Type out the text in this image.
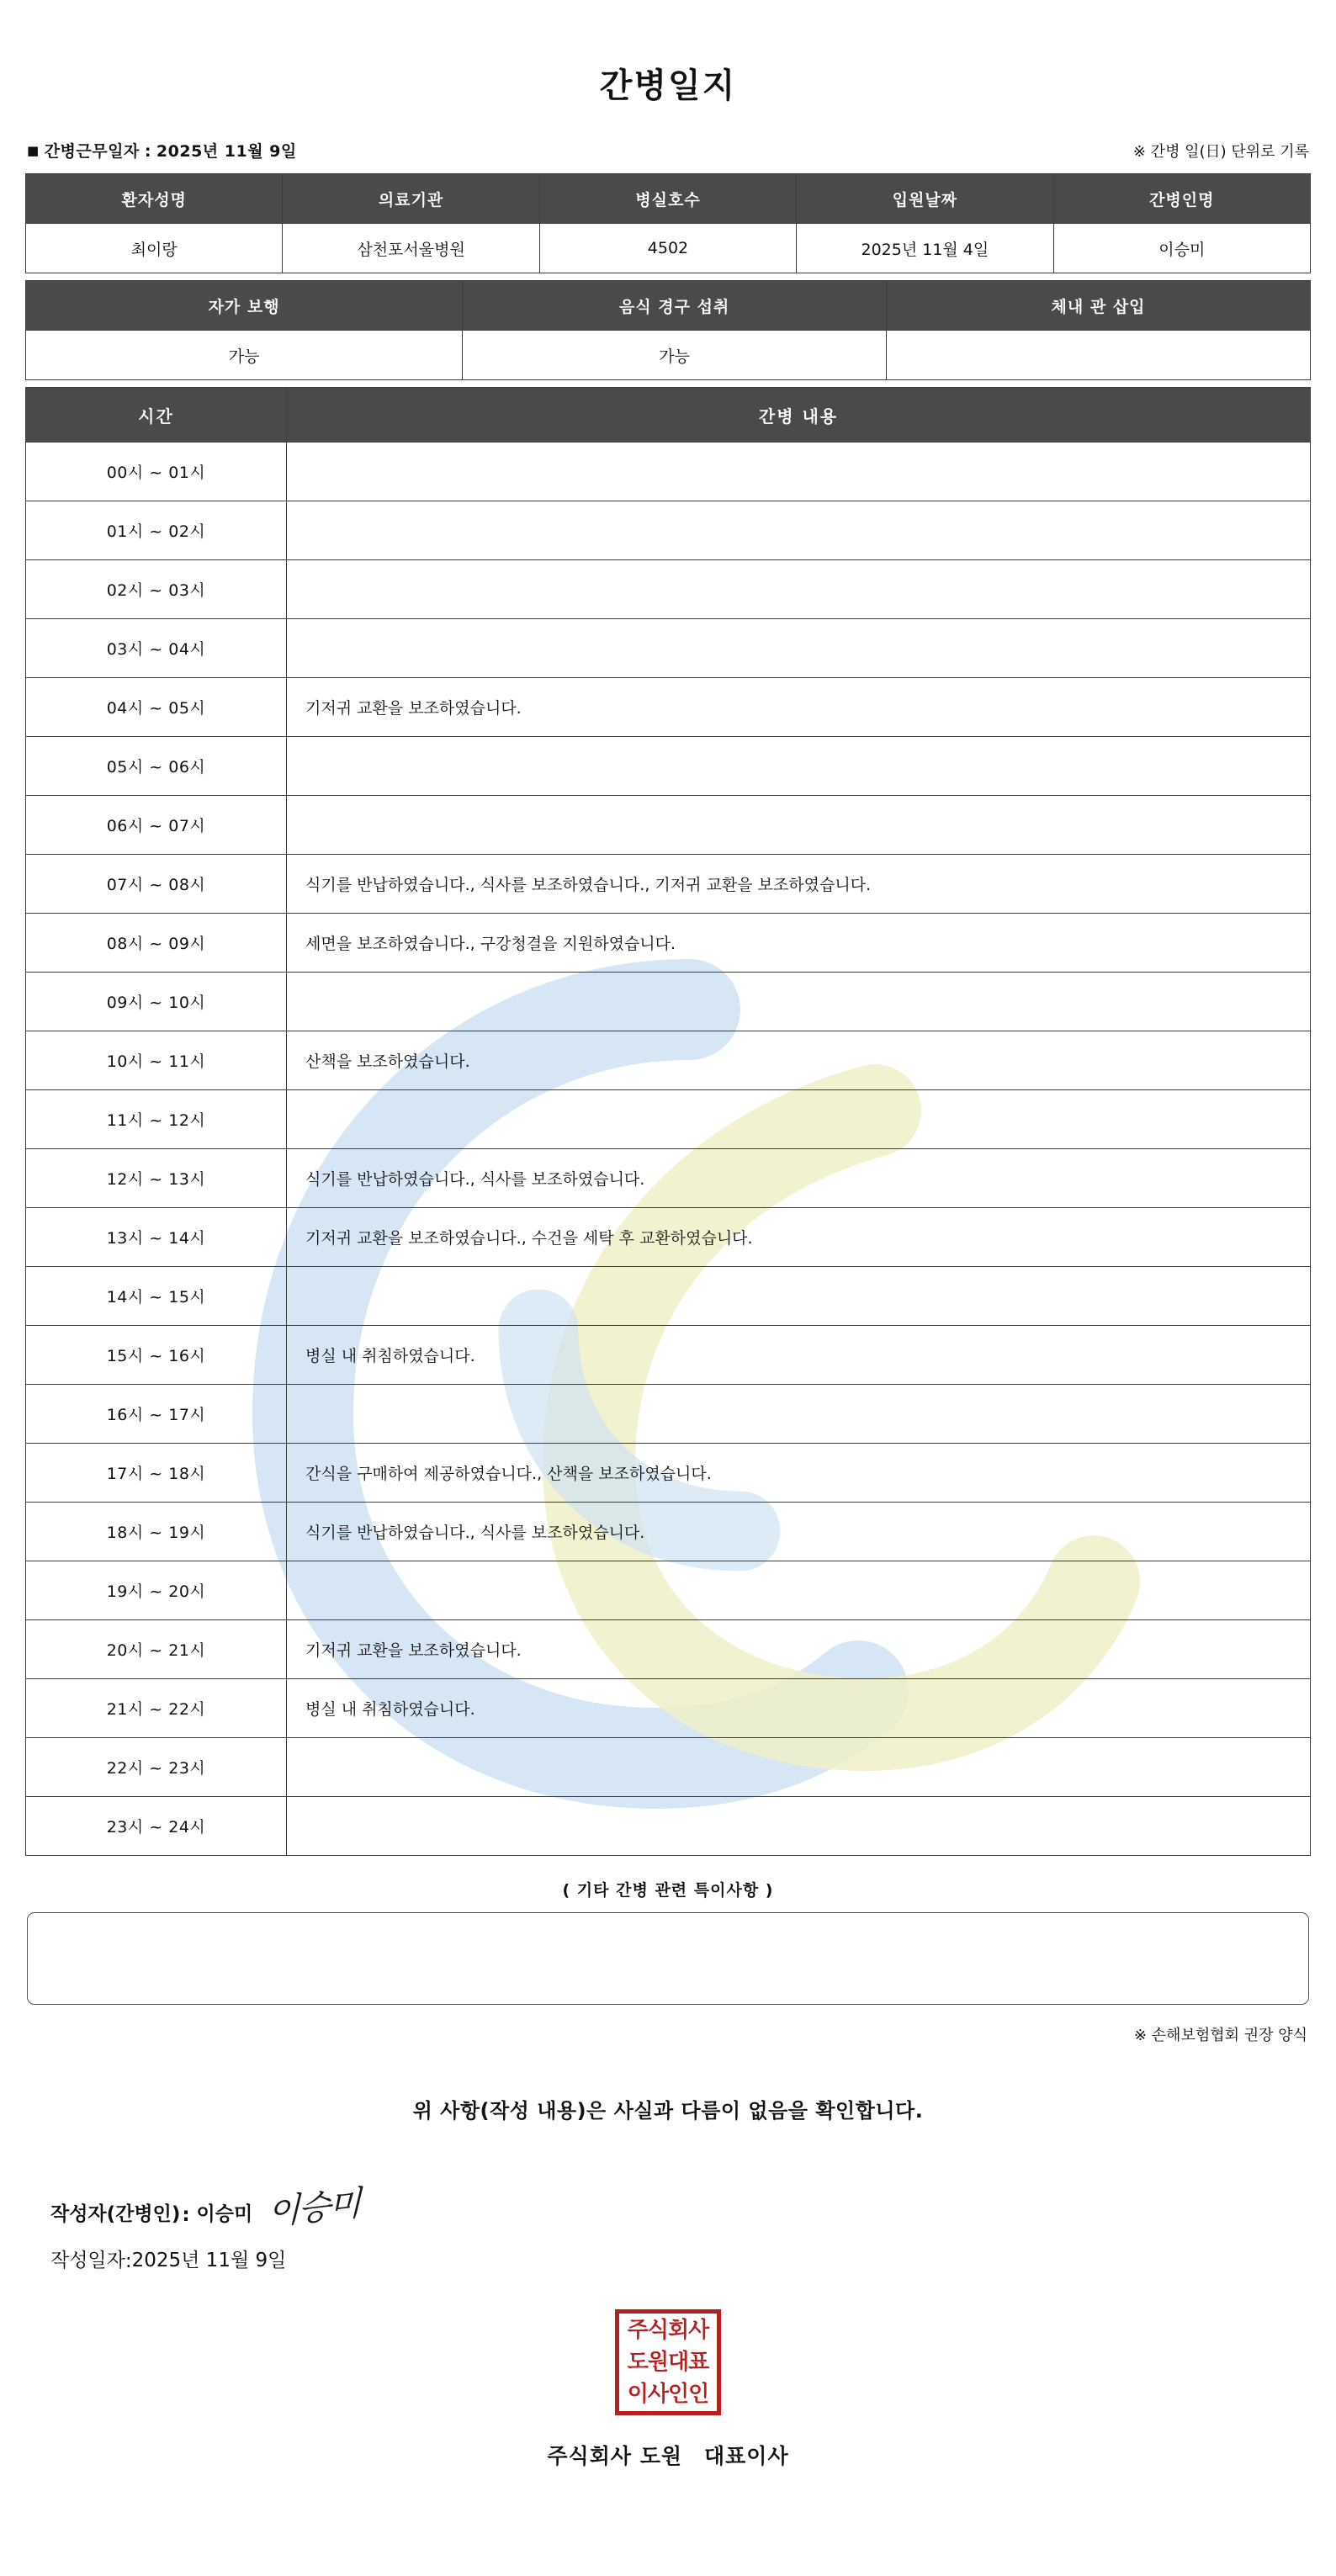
간병일지
■ 간병근무일자 : 2025년 11월 9일	※ 간병 일(日) 단위로 기록
환자성명	의료기관	병실호수	입원날짜	간병인명
최이랑	삼천포서울병원	4502	2025년 11월 4일	이승미
자가 보행	음식 경구 섭취	체내 관 삽입
가능	가능	
시간	간병 내용
00시 ~ 01시	
01시 ~ 02시	
02시 ~ 03시	
03시 ~ 04시	
04시 ~ 05시	기저귀 교환을 보조하였습니다.
05시 ~ 06시	
06시 ~ 07시	
07시 ~ 08시	식기를 반납하였습니다., 식사를 보조하였습니다., 기저귀 교환을 보조하였습니다.
08시 ~ 09시	세면을 보조하였습니다., 구강청결을 지원하였습니다.
09시 ~ 10시	
10시 ~ 11시	산책을 보조하였습니다.
11시 ~ 12시	
12시 ~ 13시	식기를 반납하였습니다., 식사를 보조하였습니다.
13시 ~ 14시	기저귀 교환을 보조하였습니다., 수건을 세탁 후 교환하였습니다.
14시 ~ 15시	
15시 ~ 16시	병실 내 취침하였습니다.
16시 ~ 17시	
17시 ~ 18시	간식을 구매하여 제공하였습니다., 산책을 보조하였습니다.
18시 ~ 19시	식기를 반납하였습니다., 식사를 보조하였습니다.
19시 ~ 20시	
20시 ~ 21시	기저귀 교환을 보조하였습니다.
21시 ~ 22시	병실 내 취침하였습니다.
22시 ~ 23시	
23시 ~ 24시	
( 기타 간병 관련 특이사항 )
※ 손해보험협회 권장 양식
위 사항(작성 내용)은 사실과 다름이 없음을 확인합니다.
작성자(간병인) : 이승미 이승미
작성일자 : 2025년 11월 9일
주식회사
도원대표
이사인인
주식회사 도원 대표이사
